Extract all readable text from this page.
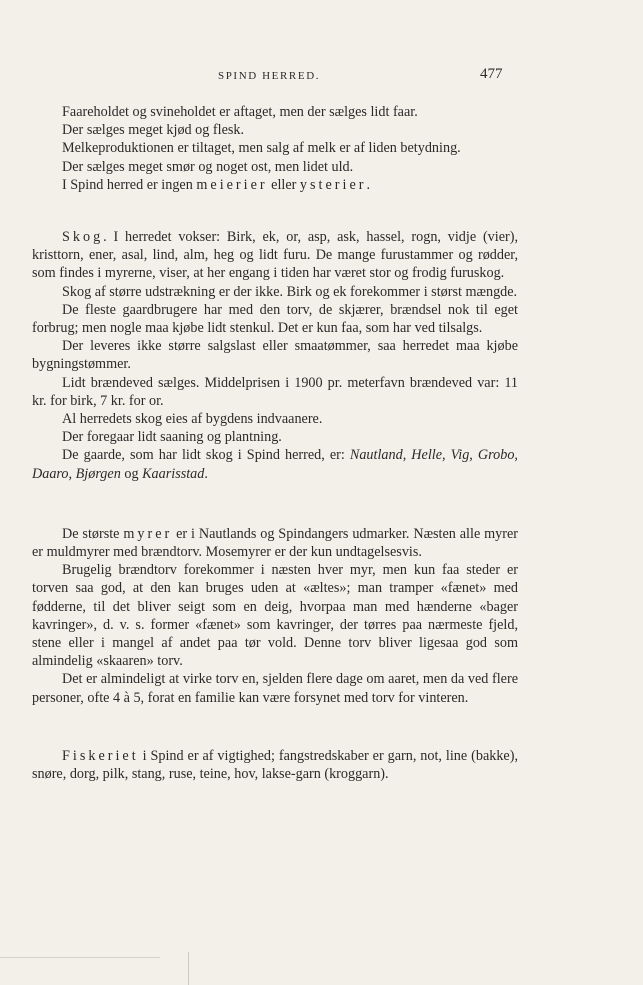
SPIND HERRED.	477

Faareholdet og svineholdet er aftaget, men der sælges lidt faar.

Der sælges meget kjød og flesk.

Melkeproduktionen er tiltaget, men salg af melk er af liden betydning.

Der sælges meget smør og noget ost, men lidet uld.

I Spind herred er ingen meierier eller ysterier.

Skog. I herredet vokser: Birk, ek, or, asp, ask, hassel, rogn, vidje (vier), kristtorn, ener, asal, lind, alm, heg og lidt furu. De mange furustammer og rødder, som findes i myrerne, viser, at her engang i tiden har været stor og frodig furuskog.

Skog af større udstrækning er der ikke. Birk og ek forekommer i størst mængde.

De fleste gaardbrugere har med den torv, de skjærer, brændsel nok til eget forbrug; men nogle maa kjøbe lidt stenkul. Det er kun faa, som har ved tilsalgs.

Der leveres ikke større salgslast eller smaatømmer, saa herredet maa kjøbe bygningstømmer.

Lidt brændeved sælges. Middelprisen i 1900 pr. meterfavn brændeved var: 11 kr. for birk, 7 kr. for or.

Al herredets skog eies af bygdens indvaanere.

Der foregaar lidt saaning og plantning.

De gaarde, som har lidt skog i Spind herred, er: Nautland, Helle, Vig, Grobo, Daaro, Bjørgen og Kaarisstad.

De største myrer er i Nautlands og Spindangers udmarker. Næsten alle myrer er muldmyrer med brændtorv. Mosemyrer er der kun undtagelsesvis.

Brugelig brændtorv forekommer i næsten hver myr, men kun faa steder er torven saa god, at den kan bruges uden at «æltes»; man tramper «fænet» med fødderne, til det bliver seigt som en deig, hvorpaa man med hænderne «bager kavringer», d. v. s. former «fænet» som kavringer, der tørres paa nærmeste fjeld, stene eller i mangel af andet paa tør vold. Denne torv bliver ligesaa god som almindelig «skaaren» torv.

Det er almindeligt at virke torv en, sjelden flere dage om aaret, men da ved flere personer, ofte 4 à 5, forat en familie kan være forsynet med torv for vinteren.

Fiskeriet i Spind er af vigtighed; fangstredskaber er garn, not, line (bakke), snøre, dorg, pilk, stang, ruse, teine, hov, lakse-garn (kroggarn).
